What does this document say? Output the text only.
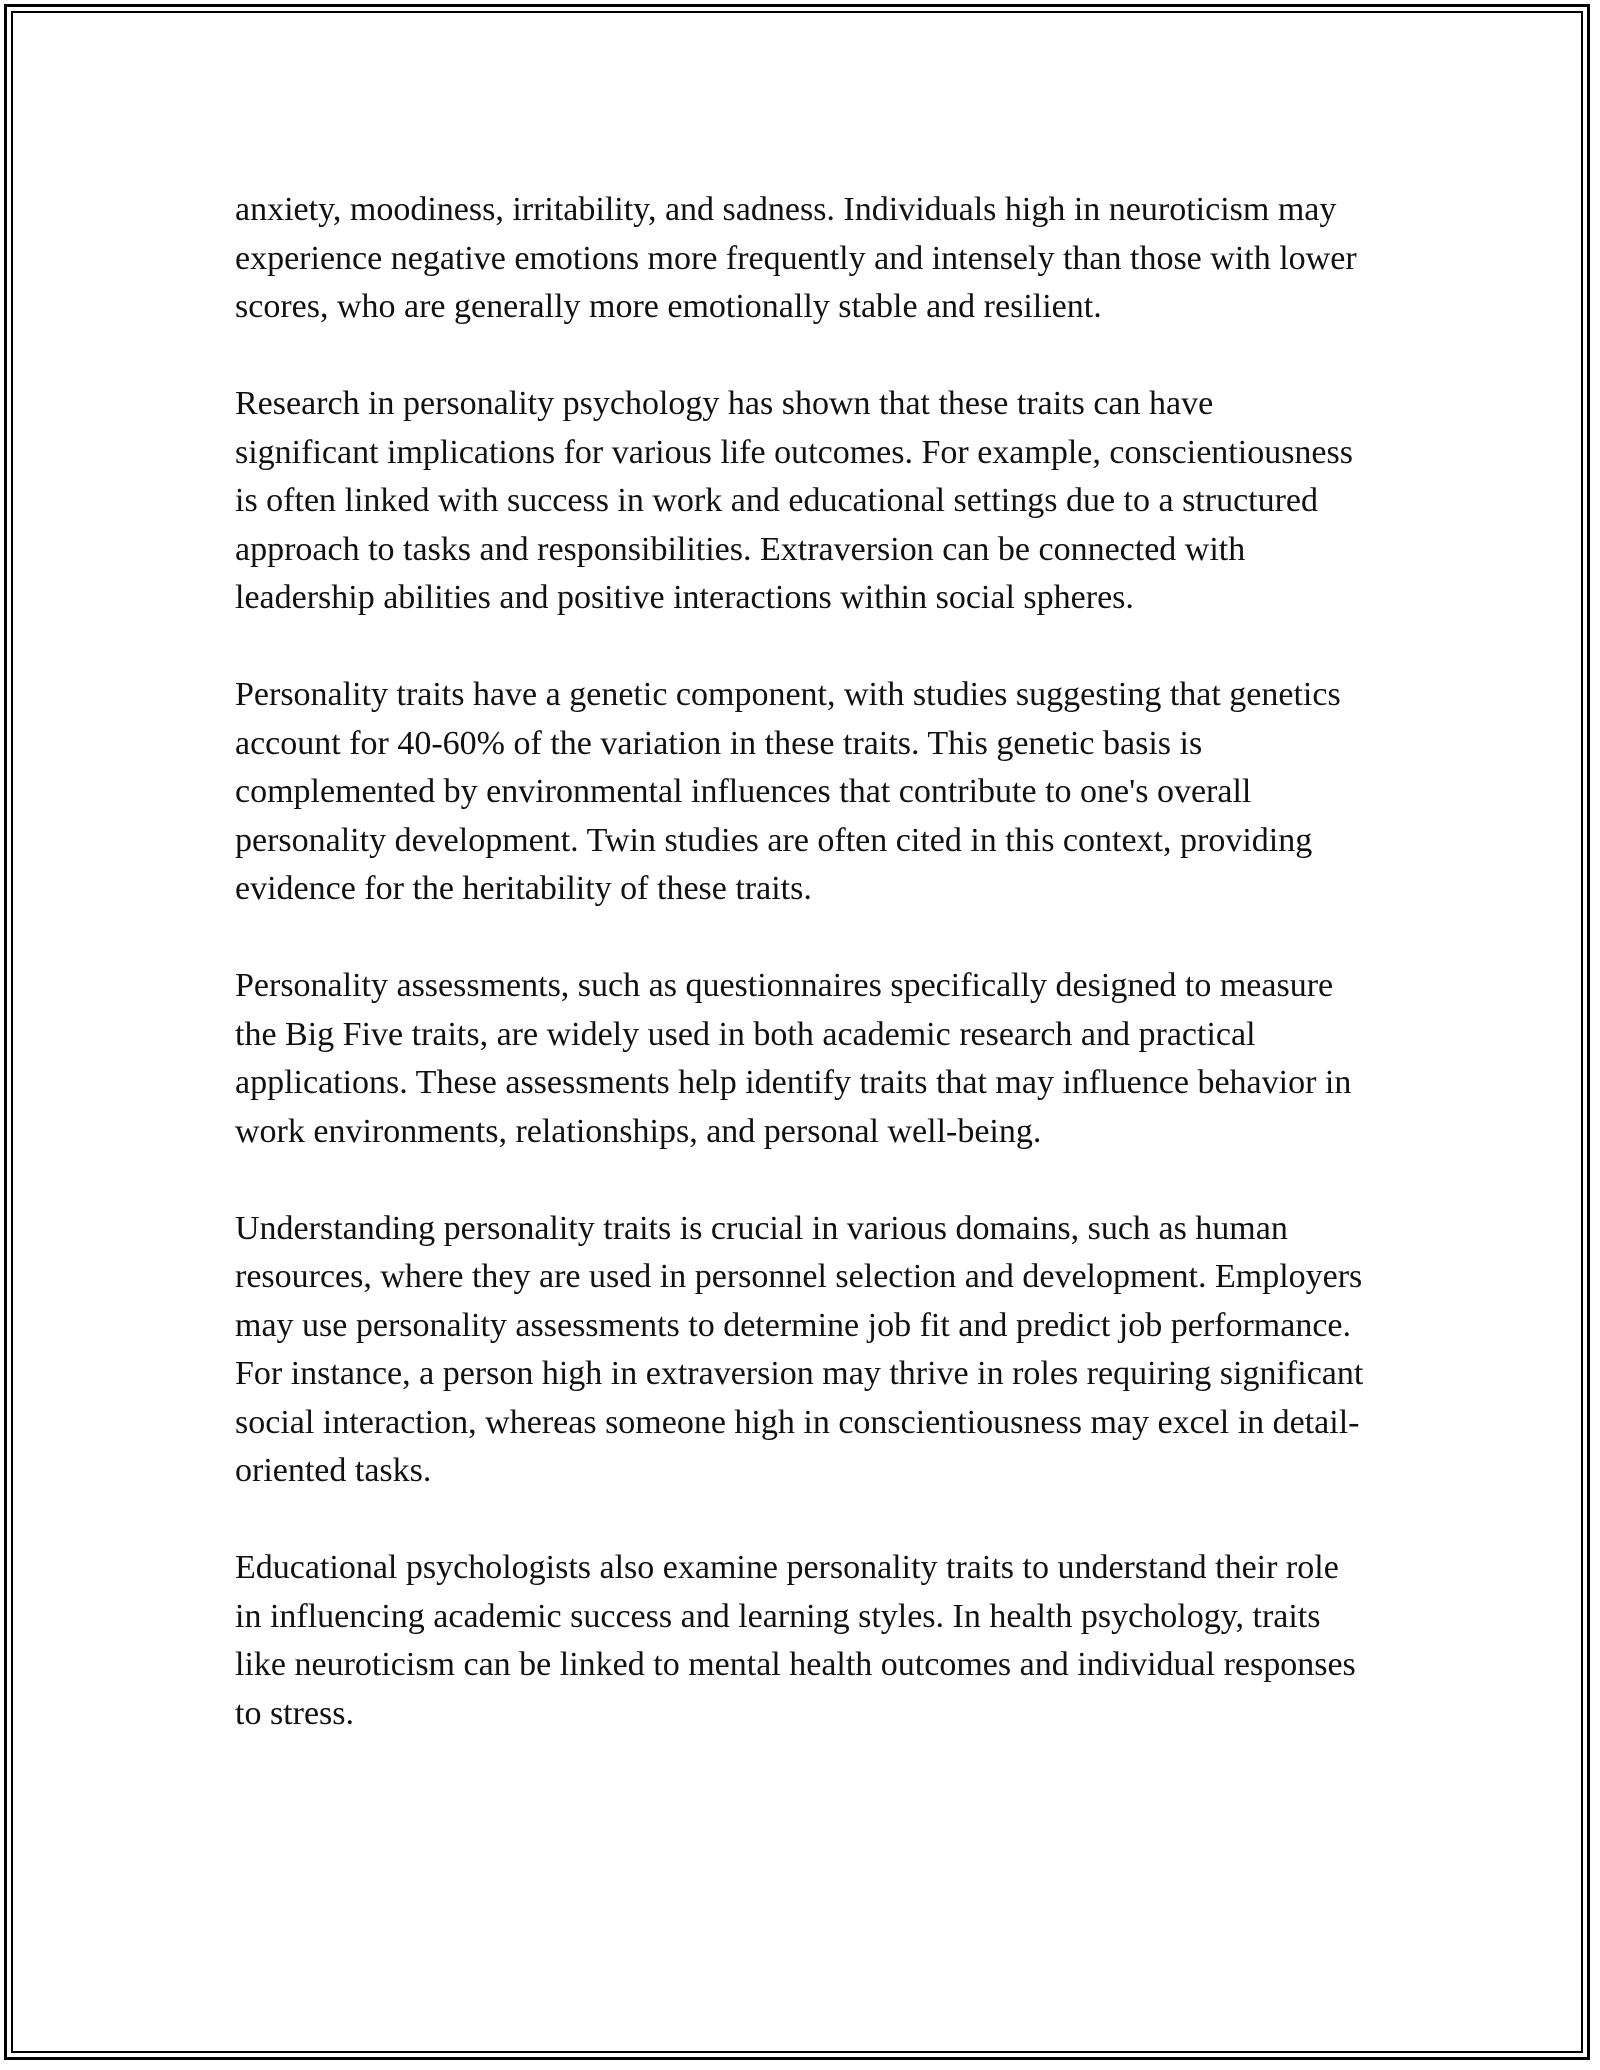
anxiety, moodiness, irritability, and sadness. Individuals high in neuroticism may experience negative emotions more frequently and intensely than those with lower scores, who are generally more emotionally stable and resilient.

Research in personality psychology has shown that these traits can have significant implications for various life outcomes. For example, conscientiousness is often linked with success in work and educational settings due to a structured approach to tasks and responsibilities. Extraversion can be connected with leadership abilities and positive interactions within social spheres.

Personality traits have a genetic component, with studies suggesting that genetics account for 40-60% of the variation in these traits. This genetic basis is complemented by environmental influences that contribute to one's overall personality development. Twin studies are often cited in this context, providing evidence for the heritability of these traits.

Personality assessments, such as questionnaires specifically designed to measure the Big Five traits, are widely used in both academic research and practical applications. These assessments help identify traits that may influence behavior in work environments, relationships, and personal well-being.

Understanding personality traits is crucial in various domains, such as human resources, where they are used in personnel selection and development. Employers may use personality assessments to determine job fit and predict job performance. For instance, a person high in extraversion may thrive in roles requiring significant social interaction, whereas someone high in conscientiousness may excel in detail-oriented tasks.

Educational psychologists also examine personality traits to understand their role in influencing academic success and learning styles. In health psychology, traits like neuroticism can be linked to mental health outcomes and individual responses to stress.
